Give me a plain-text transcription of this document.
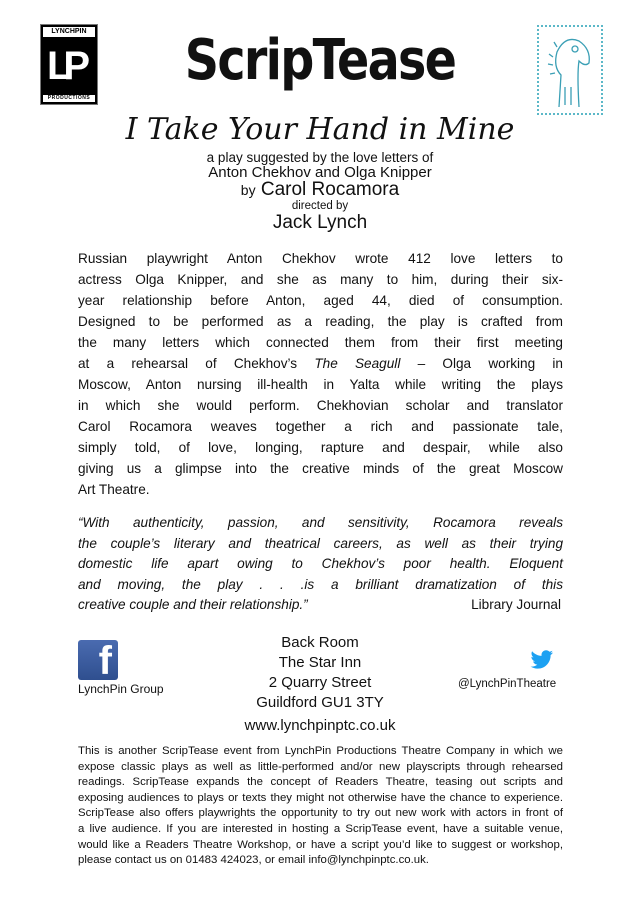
LYNCHPIN
LP
PRODUCTIONS
ScripTease
I Take Your Hand in Mine
a play suggested by the love letters of
Anton Chekhov and Olga Knipper
by Carol Rocamora
directed by
Jack Lynch
Russian playwright Anton Chekhov wrote 412 love letters to
actress Olga Knipper, and she as many to him, during their six-
year relationship before Anton, aged 44, died of consumption.
Designed to be performed as a reading, the play is crafted from
the many letters which connected them from their first meeting
at a rehearsal of Chekhov’s The Seagull – Olga working in
Moscow, Anton nursing ill-health in Yalta while writing the plays
in which she would perform. Chekhovian scholar and translator
Carol Rocamora weaves together a rich and passionate tale,
simply told, of love, longing, rapture and despair, while also
giving us a glimpse into the creative minds of the great Moscow
Art Theatre.
“With authenticity, passion, and sensitivity, Rocamora reveals
the couple’s literary and theatrical careers, as well as their trying
domestic life apart owing to Chekhov’s poor health. Eloquent
and moving, the play . . .is a brilliant dramatization of this
creative couple and their relationship.”	Library Journal
f
LynchPin Group
Back Room
The Star Inn
2 Quarry Street
Guildford GU1 3TY
www.lynchpinptc.co.uk
@LynchPinTheatre
This is another ScripTease event from LynchPin Productions Theatre Company in which we
expose classic plays as well as little-performed and/or new playscripts through rehearsed
readings. ScripTease expands the concept of Readers Theatre, teasing out scripts and
exposing audiences to plays or texts they might not otherwise have the chance to experience.
ScripTease also offers playwrights the opportunity to try out new work with actors in front of
a live audience. If you are interested in hosting a ScripTease event, have a suitable venue,
would like a Readers Theatre Workshop, or have a script you’d like to suggest or workshop,
please contact us on 01483 424023, or email info@lynchpinptc.co.uk.
